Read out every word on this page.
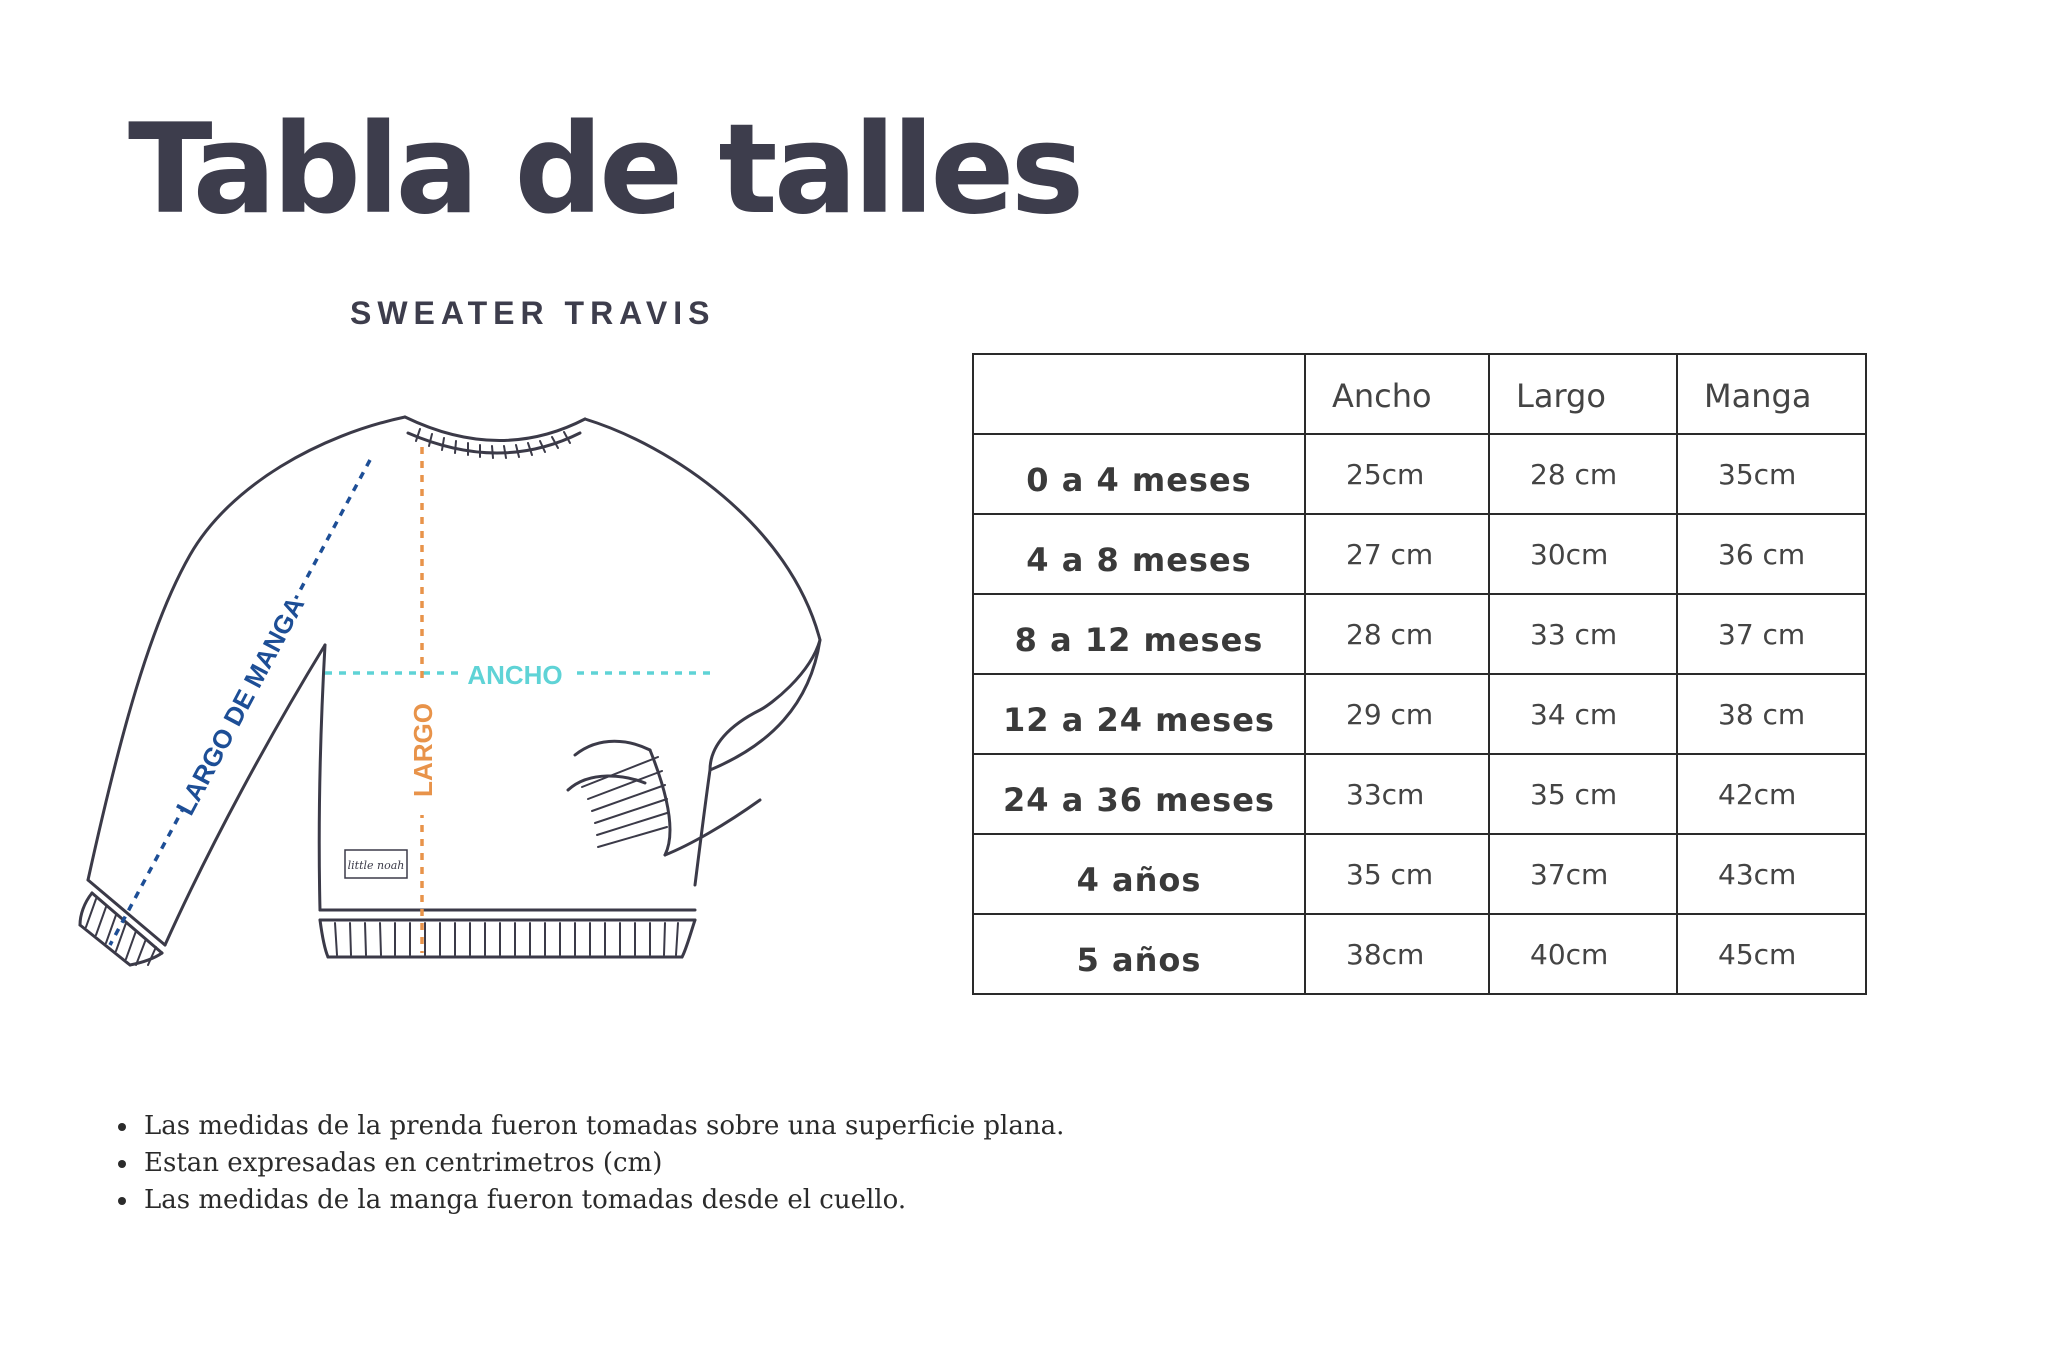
Tabla de talles
SWEATER TRAVIS
little noah
ANCHO
LARGO
LARGO DE MANGA
	Ancho	Largo	Manga
0 a 4 meses	25cm	28 cm	35cm
4 a 8 meses	27 cm	30cm	36 cm
8 a 12 meses	28 cm	33 cm	37 cm
12 a 24 meses	29 cm	34 cm	38 cm
24 a 36 meses	33cm	35 cm	42cm
4 años	35 cm	37cm	43cm
5 años	38cm	40cm	45cm
• Las medidas de la prenda fueron tomadas sobre una superficie plana.
• Estan expresadas en centrimetros (cm)
• Las medidas de la manga fueron tomadas desde el cuello.
